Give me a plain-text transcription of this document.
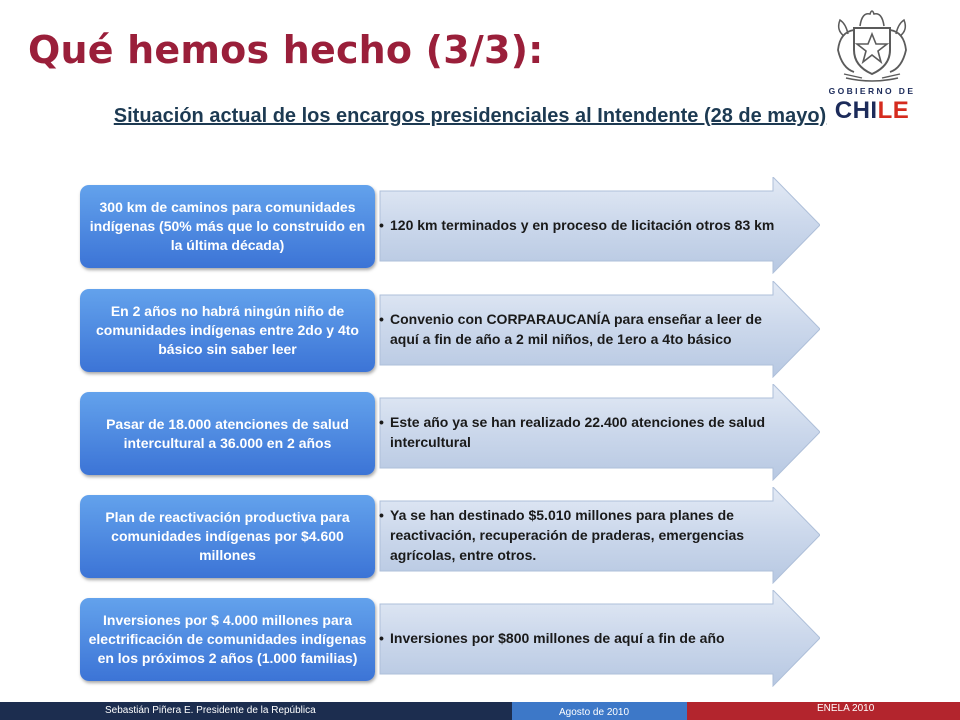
Qué hemos hecho (3/3):
GOBIERNO DE
CHILE
Situación actual de los encargos presidenciales al Intendente (28 de mayo)
300 km de caminos para comunidades indígenas (50% más que lo construido en la última década)
• 120 km terminados y en proceso de licitación otros 83 km
En 2 años no habrá ningún niño de comunidades indígenas entre 2do y 4to básico sin saber leer
• Convenio con CORPARAUCANÍA para enseñar a leer de aquí a fin de año a 2 mil niños, de 1ero a 4to básico
Pasar de 18.000 atenciones de salud intercultural a 36.000 en 2 años
• Este año ya se han realizado 22.400 atenciones de salud intercultural
Plan de reactivación productiva para comunidades indígenas por $4.600 millones
• Ya se han destinado $5.010 millones para planes de reactivación, recuperación de praderas, emergencias agrícolas, entre otros.
Inversiones por $ 4.000 millones para electrificación de comunidades indígenas en los próximos 2 años (1.000 familias)
• Inversiones por $800 millones de aquí a fin de año
Sebastián Piñera E. Presidente de la República	Agosto de 2010	ENELA 2010
